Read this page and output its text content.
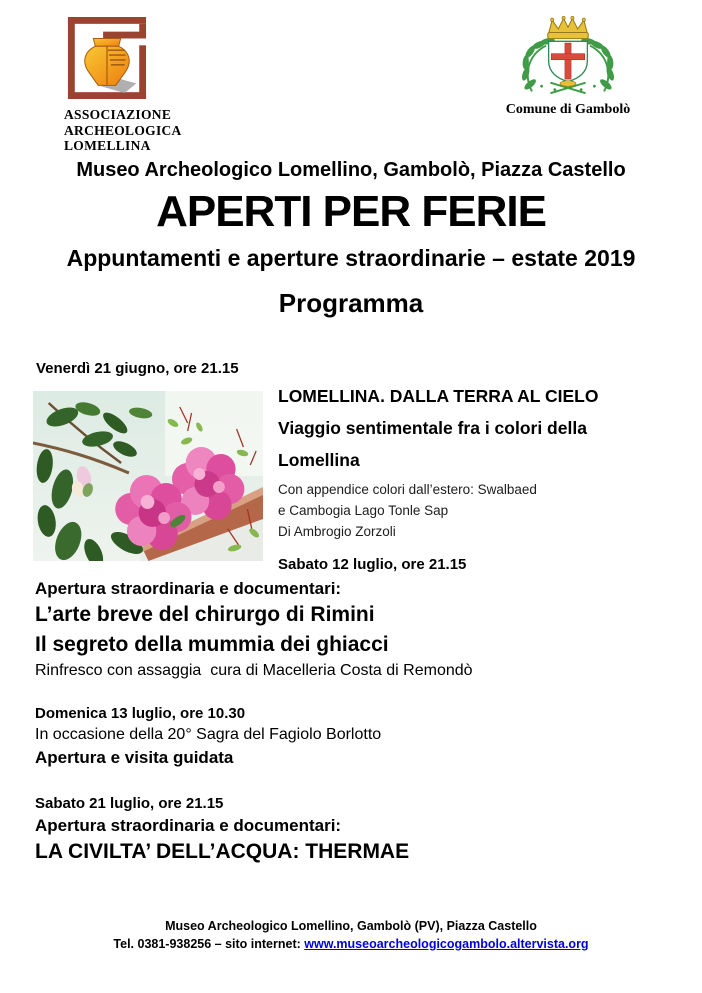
ASSOCIAZIONE
ARCHEOLOGICA
LOMELLINA
Comune di Gambolò
Museo Archeologico Lomellino, Gambolò, Piazza Castello
APERTI PER FERIE
Appuntamenti e aperture straordinarie – estate 2019
Programma
Venerdì 21 giugno, ore 21.15
LOMELLINA. DALLA TERRA AL CIELO
Viaggio sentimentale fra i colori della Lomellina
Con appendice colori dall’estero: Swalbaed
e Cambogia Lago Tonle Sap
Di Ambrogio Zorzoli
Sabato 12 luglio, ore 21.15
Apertura straordinaria e documentari:
L’arte breve del chirurgo di Rimini
Il segreto della mummia dei ghiacci
Rinfresco con assaggia  cura di Macelleria Costa di Remondò
Domenica 13 luglio, ore 10.30
In occasione della 20° Sagra del Fagiolo Borlotto
Apertura e visita guidata
Sabato 21 luglio, ore 21.15
Apertura straordinaria e documentari:
LA CIVILTA’ DELL’ACQUA: THERMAE
Museo Archeologico Lomellino, Gambolò (PV), Piazza Castello
Tel. 0381-938256 – sito internet: www.museoarcheologicogambolo.altervista.org
